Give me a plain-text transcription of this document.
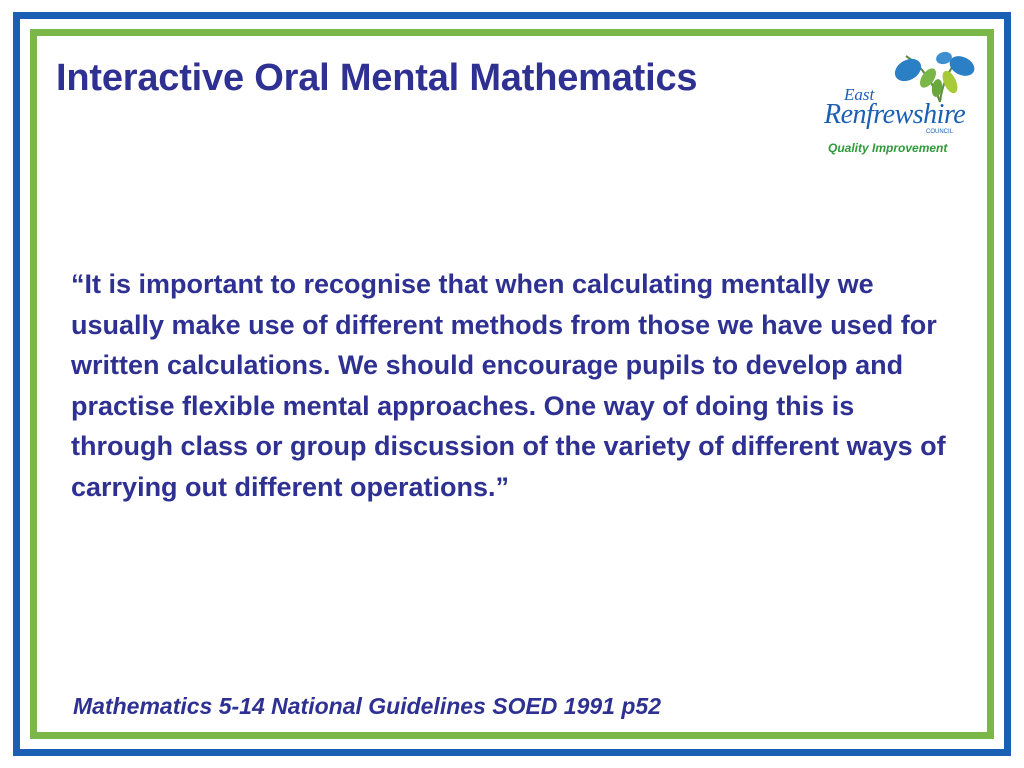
Interactive Oral Mental Mathematics	East
Renfrewshire
COUNCIL
Quality Improvement

“It is important to recognise that when calculating mentally we usually make use of different methods from those we have used for written calculations. We should encourage pupils to develop and practise flexible mental approaches. One way of doing this is through class or group discussion of the variety of different ways of carrying out different operations.”

Mathematics 5-14 National Guidelines SOED 1991 p52
